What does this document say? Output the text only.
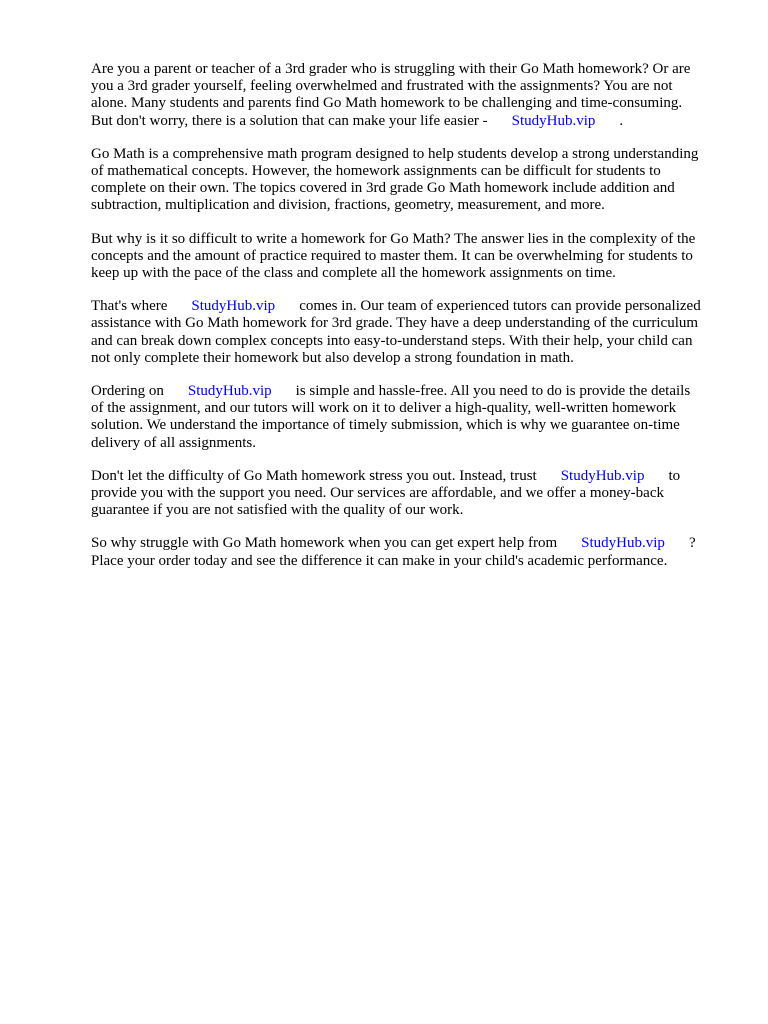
Are you a parent or teacher of a 3rd grader who is struggling with their Go Math homework? Or are
you a 3rd grader yourself, feeling overwhelmed and frustrated with the assignments? You are not
alone. Many students and parents find Go Math homework to be challenging and time-consuming.
But don't worry, there is a solution that can make your life easier - StudyHub.vip .

Go Math is a comprehensive math program designed to help students develop a strong understanding
of mathematical concepts. However, the homework assignments can be difficult for students to
complete on their own. The topics covered in 3rd grade Go Math homework include addition and
subtraction, multiplication and division, fractions, geometry, measurement, and more.

But why is it so difficult to write a homework for Go Math? The answer lies in the complexity of the
concepts and the amount of practice required to master them. It can be overwhelming for students to
keep up with the pace of the class and complete all the homework assignments on time.

That's where StudyHub.vip comes in. Our team of experienced tutors can provide personalized
assistance with Go Math homework for 3rd grade. They have a deep understanding of the curriculum
and can break down complex concepts into easy-to-understand steps. With their help, your child can
not only complete their homework but also develop a strong foundation in math.

Ordering on StudyHub.vip is simple and hassle-free. All you need to do is provide the details
of the assignment, and our tutors will work on it to deliver a high-quality, well-written homework
solution. We understand the importance of timely submission, which is why we guarantee on-time
delivery of all assignments.

Don't let the difficulty of Go Math homework stress you out. Instead, trust StudyHub.vip to
provide you with the support you need. Our services are affordable, and we offer a money-back
guarantee if you are not satisfied with the quality of our work.

So why struggle with Go Math homework when you can get expert help from StudyHub.vip ?
Place your order today and see the difference it can make in your child's academic performance.
